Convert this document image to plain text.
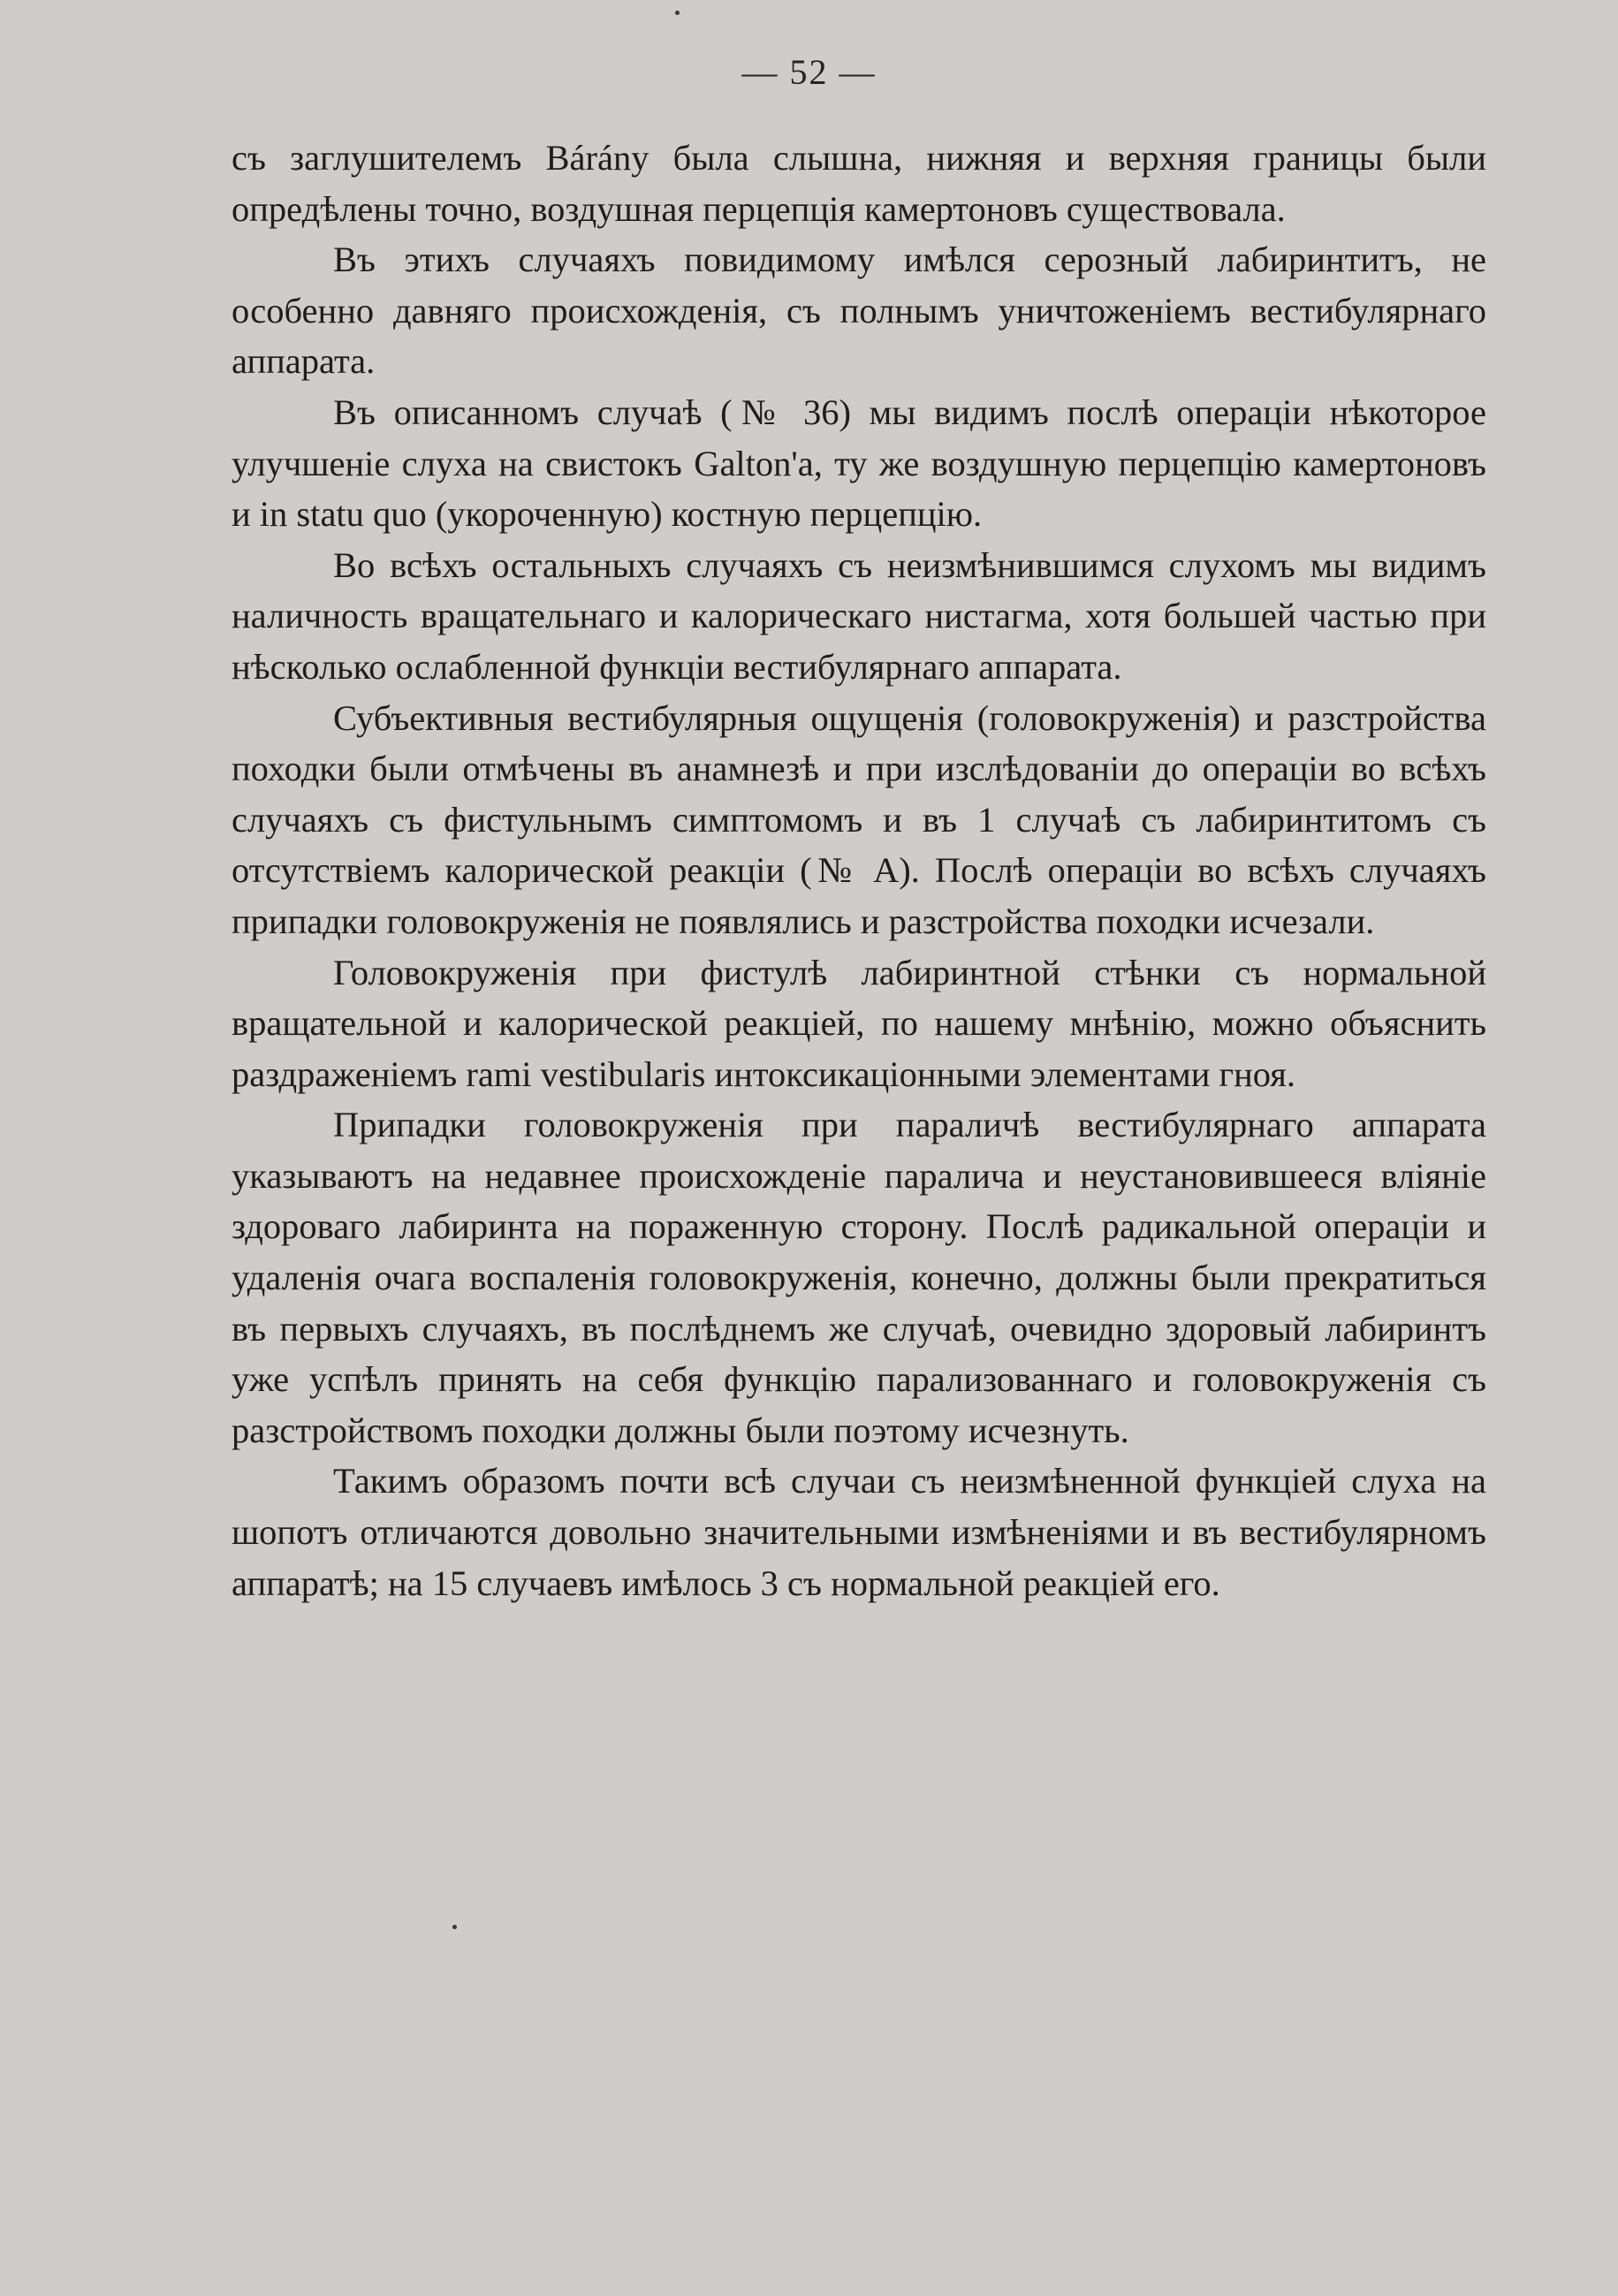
— 52 —

съ заглушителемъ Bárány была слышна, нижняя и верхняя границы были опредѣлены точно, воздушная перцепція камертоновъ существовала.

Въ этихъ случаяхъ повидимому имѣлся серозный лабиринтитъ, не особенно давняго происхожденія, съ полнымъ уничтоженіемъ вестибулярнаго аппарата.

Въ описанномъ случаѣ (№ 36) мы видимъ послѣ операціи нѣкоторое улучшеніе слуха на свистокъ Galton'а, ту же воздушную перцепцію камертоновъ и in statu quo (укороченную) костную перцепцію.

Во всѣхъ остальныхъ случаяхъ съ неизмѣнившимся слухомъ мы видимъ наличность вращательнаго и калорическаго нистагма, хотя большей частью при нѣсколько ослабленной функціи вестибулярнаго аппарата.

Субъективныя вестибулярныя ощущенія (головокруженія) и разстройства походки были отмѣчены въ анамнезѣ и при изслѣдованіи до операціи во всѣхъ случаяхъ съ фистульнымъ симптомомъ и въ 1 случаѣ съ лабиринтитомъ съ отсутствіемъ калорической реакціи (№ А). Послѣ операціи во всѣхъ случаяхъ припадки головокруженія не появлялись и разстройства походки исчезали.

Головокруженія при фистулѣ лабиринтной стѣнки съ нормальной вращательной и калорической реакціей, по нашему мнѣнію, можно объяснить раздраженіемъ rami vestibularis интоксикаціонными элементами гноя.

Припадки головокруженія при параличѣ вестибулярнаго аппарата указываютъ на недавнее происхожденіе паралича и неустановившееся вліяніе здороваго лабиринта на пораженную сторону. Послѣ радикальной операціи и удаленія очага воспаленія головокруженія, конечно, должны были прекратиться въ первыхъ случаяхъ, въ послѣднемъ же случаѣ, очевидно здоровый лабиринтъ уже успѣлъ принять на себя функцію парализованнаго и головокруженія съ разстройствомъ походки должны были поэтому исчезнуть.

Такимъ образомъ почти всѣ случаи съ неизмѣненной функціей слуха на шопотъ отличаются довольно значительными измѣненіями и въ вестибулярномъ аппаратѣ; на 15 случаевъ имѣлось 3 съ нормальной реакціей его.
